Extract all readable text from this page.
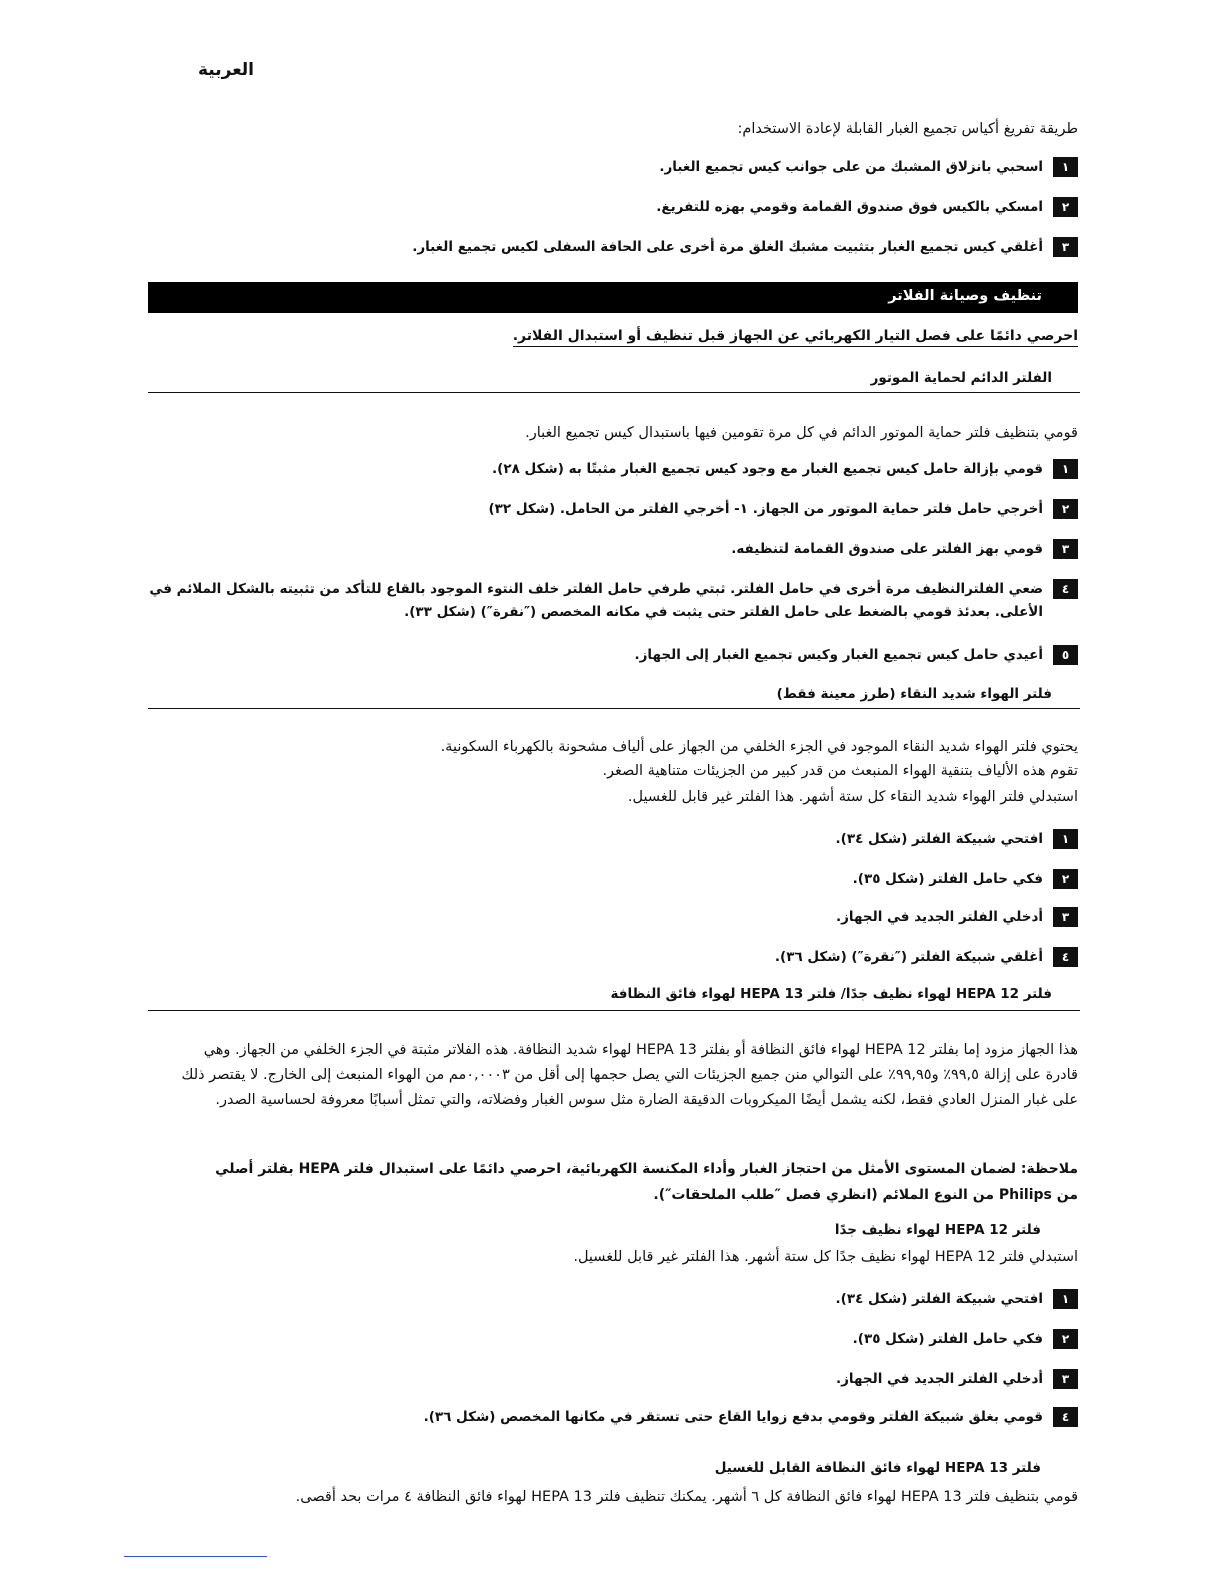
العربية
طريقة تفريغ أكياس تجميع الغبار القابلة لإعادة الاستخدام:
١
اسحبي بانزلاق المشبك من على جوانب كيس تجميع الغبار.
٢
امسكي بالكيس فوق صندوق القمامة وقومي بهزه للتفريغ.
٣
أغلقي كيس تجميع الغبار بتثبيت مشبك الغلق مرة أخرى على الحافة السفلى لكيس تجميع الغبار.
تنظيف وصيانة الفلاتر
احرصي دائمًا على فصل التيار الكهربائي عن الجهاز قبل تنظيف أو استبدال الفلاتر.
الفلتر الدائم لحماية الموتور
قومي بتنظيف فلتر حماية الموتور الدائم في كل مرة تقومين فيها باستبدال كيس تجميع الغبار.
١
قومي بإزالة حامل كيس تجميع الغبار مع وجود كيس تجميع الغبار مثبتًا به (شكل ٢٨).
٢
أخرجي حامل فلتر حماية الموتور من الجهاز. ١- أخرجي الفلتر من الحامل. (شكل ٣٢)
٣
قومي بهز الفلتر على صندوق القمامة لتنظيفه.
٤
ضعي الفلترالنظيف مرة أخرى في حامل الفلتر. ثبتي طرفي حامل الفلتر خلف النتوء الموجود بالقاع للتأكد من تثبيته بالشكل الملائم في الأعلى. بعدئذ قومي بالضغط على حامل الفلتر حتى يثبت في مكانه المخصص (″نقرة″) (شكل ٣٣).
٥
أعيدي حامل كيس تجميع الغبار وكيس تجميع الغبار إلى الجهاز.
فلتر الهواء شديد النقاء (طرز معينة فقط)
يحتوي فلتر الهواء شديد النقاء الموجود في الجزء الخلفي من الجهاز على ألياف مشحونة بالكهرباء السكونية.
تقوم هذه الألياف بتنقية الهواء المنبعث من قدر كبير من الجزيئات متناهية الصغر.
استبدلي فلتر الهواء شديد النقاء كل ستة أشهر. هذا الفلتر غير قابل للغسيل.
١
افتحي شبيكة الفلتر (شكل ٣٤).
٢
فكي حامل الفلتر (شكل ٣٥).
٣
أدخلي الفلتر الجديد في الجهاز.
٤
أغلقي شبيكة الفلتر (″نقرة″) (شكل ٣٦).
فلتر HEPA 12 لهواء نظيف جدًا/ فلتر HEPA 13 لهواء فائق النظافة
هذا الجهاز مزود إما بفلتر HEPA 12 لهواء فائق النظافة أو بفلتر HEPA 13 لهواء شديد النظافة. هذه الفلاتر مثبتة في الجزء الخلفي من الجهاز. وهي قادرة على إزالة ٩٩,٥٪ و٩٩,٩٥٪ على التوالي منن جميع الجزيئات التي يصل حجمها إلى أقل من ٠,٠٠٠٣مم من الهواء المنبعث إلى الخارج. لا يقتصر ذلك على غبار المنزل العادي فقط، لكنه يشمل أيضًا الميكروبات الدقيقة الضارة مثل سوس الغبار وفضلاته، والتي تمثل أسبابًا معروفة لحساسية الصدر.
ملاحظة: لضمان المستوى الأمثل من احتجاز الغبار وأداء المكنسة الكهربائية، احرصي دائمًا على استبدال فلتر HEPA بفلتر أصلي من Philips من النوع الملائم (انظري فصل ″طلب الملحقات″).
فلتر HEPA 12 لهواء نظيف جدًا
استبدلي فلتر HEPA 12 لهواء نظيف جدًا كل ستة أشهر. هذا الفلتر غير قابل للغسيل.
١
افتحي شبيكة الفلتر (شكل ٣٤).
٢
فكي حامل الفلتر (شكل ٣٥).
٣
أدخلي الفلتر الجديد في الجهاز.
٤
قومي بغلق شبيكة الفلتر وقومي بدفع زوايا القاع حتى تستقر في مكانها المخصص (شكل ٣٦).
فلتر HEPA 13 لهواء فائق النظافة القابل للغسيل
قومي بتنظيف فلتر HEPA 13 لهواء فائق النظافة كل ٦ أشهر. يمكنك تنظيف فلتر HEPA 13 لهواء فائق النظافة ٤ مرات بحد أقصى.
